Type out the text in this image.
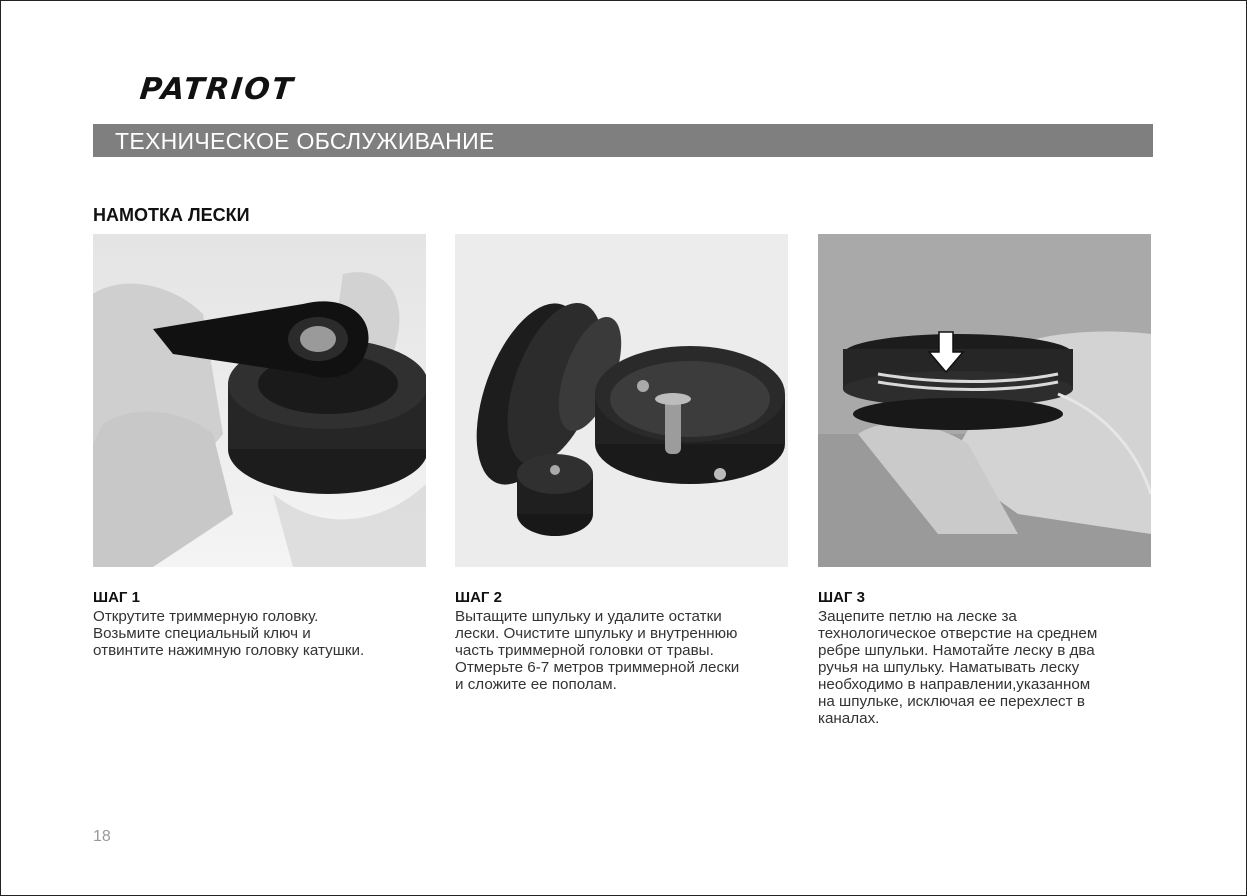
PATRIOT
ТЕХНИЧЕСКОЕ ОБСЛУЖИВАНИЕ
НАМОТКА ЛЕСКИ
ШАГ 1
Открутите триммерную головку.
Возьмите специальный ключ и
отвинтите нажимную головку катушки.
ШАГ 2
Вытащите шпульку и удалите остатки
лески. Очистите шпульку и внутреннюю
часть триммерной головки от травы.
Отмерьте 6-7 метров триммерной лески
и сложите ее пополам.
ШАГ 3
Зацепите петлю на леске за
технологическое отверстие на среднем
ребре шпульки. Намотайте леску в два
ручья на шпульку. Наматывать леску
необходимо в направлении,указанном
на шпульке, исключая ее перехлест в
каналах.
18
